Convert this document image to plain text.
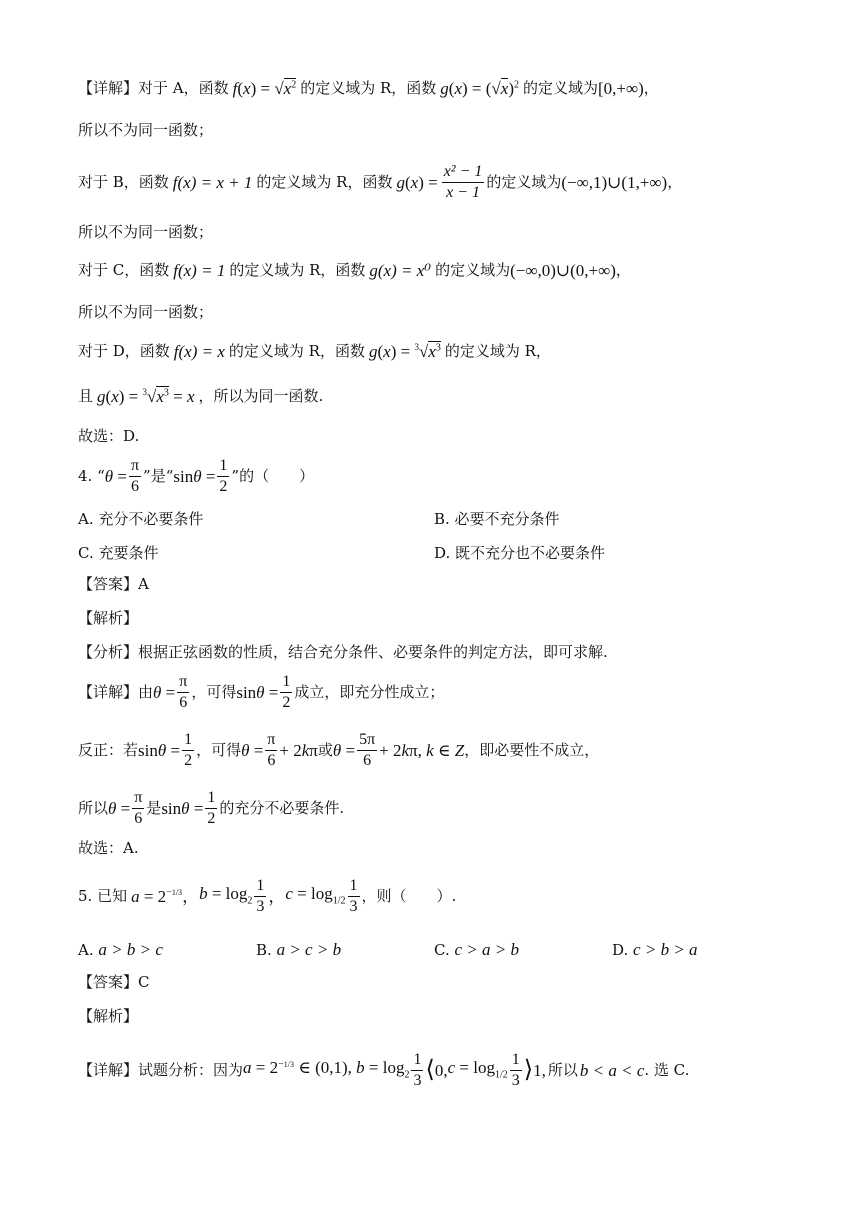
【详解】 对于 A，函数 $f(x) = √x^2$ 的定义域为 R，函数 $g(x) = (√x)^2$ 的定义域为 [0,+∞) ，
所以不为同一函数；
对于 B，函数 f(x) = x + 1 的定义域为 R，函数 $g(x) = \frac{\text{x² − 1}}{x - 1}$ 的定义域为 (−∞,1)∪(1,+∞) ，
所以不为同一函数；
对于 C，函数 f(x) = 1 的定义域为 R，函数 g(x) = x⁰ 的定义域为 (−∞,0)∪(0,+∞) ，
所以不为同一函数；
对于 D，函数 f(x) = x 的定义域为 R，函数 $g(x) = ^3√x^3$ 的定义域为 R，
且 $g(x) = ^3√x^3 = x$ ，所以为同一函数.
故选：D.
4. “ $\theta = \frac{\pi}{6}$ ”是“ $\sin\theta = \frac{1}{2}$ ”的（　　）
A. 充分不必要条件	B. 必要不充分条件
C. 充要条件	D. 既不充分也不必要条件
【答案】 A
【解析】
【分析】 根据正弦函数的性质，结合充分条件、必要条件的判定方法，即可求解.
【详解】 由 $\theta = \frac{\pi}{6}$ ，可得 $\sin\theta = \frac{1}{2}$ 成立，即充分性成立；
反正：若 $\sin\theta = \frac{1}{2}$ ，可得 $\theta = \frac{\pi}{6} + 2k\pi$ 或 $\theta = \frac{5\pi}{6} + 2k\pi$, k ∈ Z ，即必要性不成立，
所以 $\theta = \frac{\pi}{6}$ 是 $\sin\theta = \frac{1}{2}$ 的充分不必要条件.
故选：A.
5. 已知 $a = 2^{-1/3}$， $b = \log_2 \frac{1}{3}$ ， $c = \log_{1/2} \frac{1}{3}$ ，则（　　）.
A. a > b > c	B. a > c > b	C. c > a > b	D. c > b > a
【答案】 C
【解析】
【详解】 试题分析：因为 $a = 2^{-1/3}$ ∈ (0,1), $b = \log_2 \frac{1}{3}$ ⟨ 0, $c = \log_{1/2} \frac{1}{3}$ ⟩ 1, 所以 b < a < c . 选 C.
